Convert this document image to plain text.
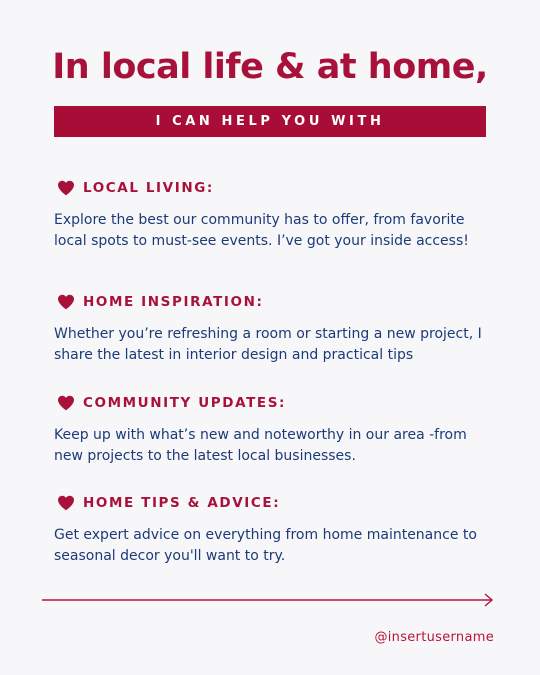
In local life & at home,
I CAN HELP YOU WITH
LOCAL LIVING:
Explore the best our community has to offer, from favorite local spots to must-see events. I’ve got your inside access!
HOME INSPIRATION:
Whether you’re refreshing a room or starting a new project, I share the latest in interior design and practical tips
COMMUNITY UPDATES:
Keep up with what’s new and noteworthy in our area -from new projects to the latest local businesses.
HOME TIPS & ADVICE:
Get expert advice on everything from home maintenance to seasonal decor you'll want to try.
@insertusername
